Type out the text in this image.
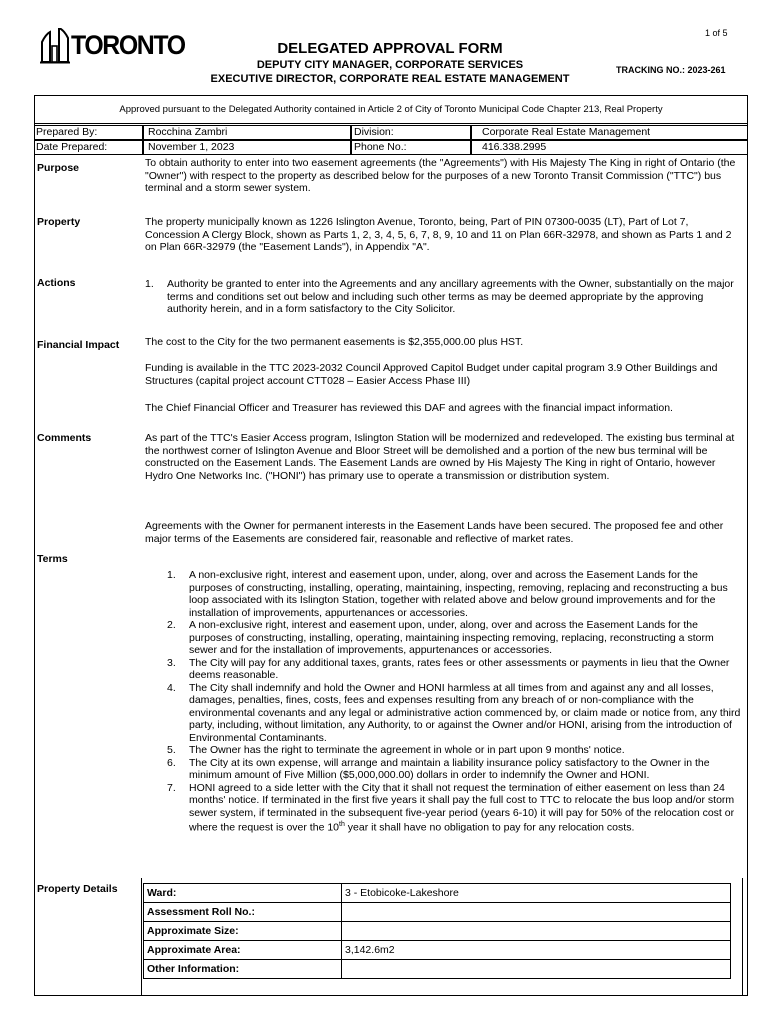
1 of 5
TORONTO	DELEGATED APPROVAL FORM
DEPUTY CITY MANAGER, CORPORATE SERVICES
EXECUTIVE DIRECTOR, CORPORATE REAL ESTATE MANAGEMENT
TRACKING NO.: 2023-261
Approved pursuant to the Delegated Authority contained in Article 2 of City of Toronto Municipal Code Chapter 213, Real Property
Prepared By:	Rocchina Zambri	Division:	Corporate Real Estate Management
Date Prepared:	November 1, 2023	Phone No.:	416.338.2995
Purpose	To obtain authority to enter into two easement agreements (the "Agreements") with His Majesty The King in right of Ontario (the "Owner") with respect to the property as described below for the purposes of a new Toronto Transit Commission ("TTC") bus terminal and a storm sewer system.
Property	The property municipally known as 1226 Islington Avenue, Toronto, being, Part of PIN 07300-0035 (LT), Part of Lot 7, Concession A Clergy Block, shown as Parts 1, 2, 3, 4, 5, 6, 7, 8, 9, 10 and 11 on Plan 66R-32978, and shown as Parts 1 and 2 on Plan 66R-32979 (the "Easement Lands"), in Appendix "A".
Actions	1. Authority be granted to enter into the Agreements and any ancillary agreements with the Owner, substantially on the major terms and conditions set out below and including such other terms as may be deemed appropriate by the approving authority herein, and in a form satisfactory to the City Solicitor.
Financial Impact The cost to the City for the two permanent easements is $2,355,000.00 plus HST.
Funding is available in the TTC 2023-2032 Council Approved Capitol Budget under capital program 3.9 Other Buildings and Structures (capital project account CTT028 – Easier Access Phase III)
The Chief Financial Officer and Treasurer has reviewed this DAF and agrees with the financial impact information.
Comments	As part of the TTC's Easier Access program, Islington Station will be modernized and redeveloped. The existing bus terminal at the northwest corner of Islington Avenue and Bloor Street will be demolished and a portion of the new bus terminal will be constructed on the Easement Lands. The Easement Lands are owned by His Majesty The King in right of Ontario, however Hydro One Networks Inc. ("HONI") has primary use to operate a transmission or distribution system.
Agreements with the Owner for permanent interests in the Easement Lands have been secured. The proposed fee and other major terms of the Easements are considered fair, reasonable and reflective of market rates.
Terms
1. A non-exclusive right, interest and easement upon, under, along, over and across the Easement Lands for the purposes of constructing, installing, operating, maintaining, inspecting, removing, replacing and reconstructing a bus loop associated with its Islington Station, together with related above and below ground improvements and for the installation of improvements, appurtenances or accessories.
2. A non-exclusive right, interest and easement upon, under, along, over and across the Easement Lands for the purposes of constructing, installing, operating, maintaining inspecting removing, replacing, reconstructing a storm sewer and for the installation of improvements, appurtenances or accessories.
3. The City will pay for any additional taxes, grants, rates fees or other assessments or payments in lieu that the Owner deems reasonable.
4. The City shall indemnify and hold the Owner and HONI harmless at all times from and against any and all losses, damages, penalties, fines, costs, fees and expenses resulting from any breach of or non-compliance with the environmental covenants and any legal or administrative action commenced by, or claim made or notice from, any third party, including, without limitation, any Authority, to or against the Owner and/or HONI, arising from the introduction of Environmental Contaminants.
5. The Owner has the right to terminate the agreement in whole or in part upon 9 months' notice.
6. The City at its own expense, will arrange and maintain a liability insurance policy satisfactory to the Owner in the minimum amount of Five Million ($5,000,000.00) dollars in order to indemnify the Owner and HONI.
7. HONI agreed to a side letter with the City that it shall not request the termination of either easement on less than 24 months' notice. If terminated in the first five years it shall pay the full cost to TTC to relocate the bus loop and/or storm sewer system, if terminated in the subsequent five-year period (years 6-10) it will pay for 50% of the relocation cost or where the request is over the 10th year it shall have no obligation to pay for any relocation costs.
Property Details	Ward:	3 - Etobicoke-Lakeshore
Assessment Roll No.:	
Approximate Size:	
Approximate Area:	3,142.6m2
Other Information:	
